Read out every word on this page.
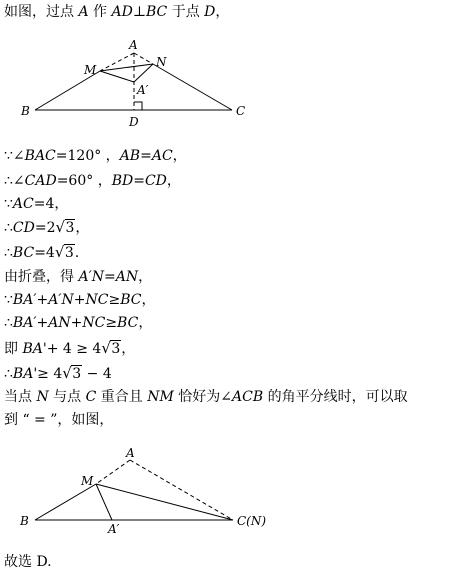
如图，过点 A 作 AD⊥BC 于点 D，
A
M
N
A′
B	C
D
∵∠BAC=120° ，AB=AC，
∴∠CAD=60° ，BD=CD，
∵AC=4，
∴CD=2 √ 3，
∴BC=4 √ 3.
由折叠，得 A′N=AN，
∵BA′+A′N+NC≥BC，
∴BA′+AN+NC≥BC，
即 BA'+ 4 ≥ 4 √ 3，
∴BA'≥ 4 √ 3 − 4
当点 N 与点 C 重合且 NM 恰好为∠ACB 的角平分线时，可以取
到 “ = ”，如图，
A
M
B
A′
C(N)
故选 D.
